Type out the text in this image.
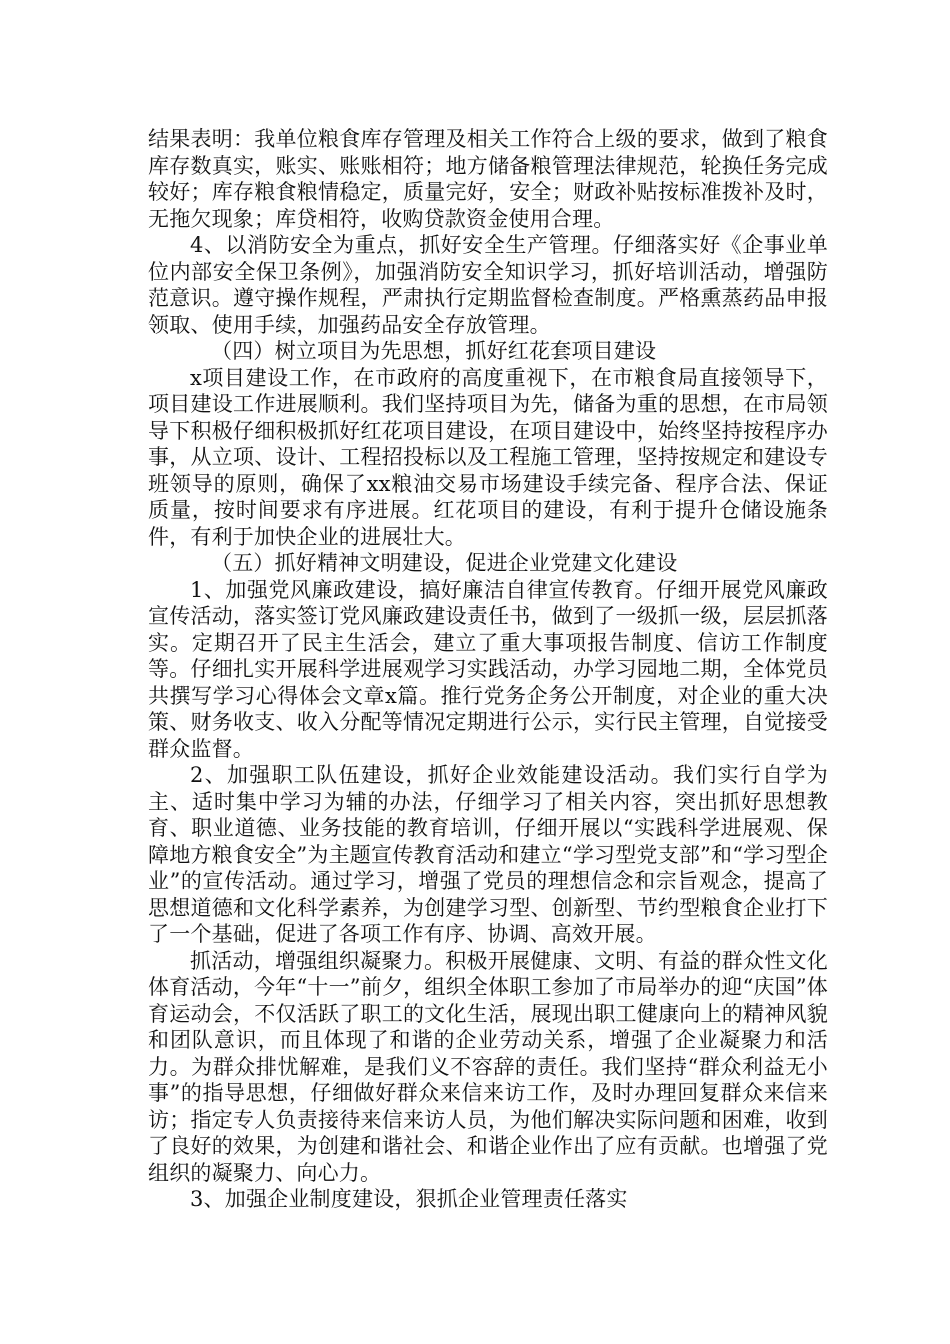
结果表明：我单位粮食库存管理及相关工作符合上级的要求，做到了粮食库存数真实，账实、账账相符；地方储备粮管理法律规范，轮换任务完成较好；库存粮食粮情稳定，质量完好，安全；财政补贴按标准拨补及时，无拖欠现象；库贷相符，收购贷款资金使用合理。

4、以消防安全为重点，抓好安全生产管理。仔细落实好《企事业单位内部安全保卫条例》，加强消防安全知识学习，抓好培训活动，增强防范意识。遵守操作规程，严肃执行定期监督检查制度。严格熏蒸药品申报领取、使用手续，加强药品安全存放管理。

（四）树立项目为先思想，抓好红花套项目建设

x项目建设工作，在市政府的高度重视下，在市粮食局直接领导下，项目建设工作进展顺利。我们坚持项目为先，储备为重的思想，在市局领导下积极仔细积极抓好红花项目建设，在项目建设中，始终坚持按程序办事，从立项、设计、工程招投标以及工程施工管理，坚持按规定和建设专班领导的原则，确保了xx粮油交易市场建设手续完备、程序合法、保证质量，按时间要求有序进展。红花项目的建设，有利于提升仓储设施条件，有利于加快企业的进展壮大。

（五）抓好精神文明建设，促进企业党建文化建设

1、加强党风廉政建设，搞好廉洁自律宣传教育。仔细开展党风廉政宣传活动，落实签订党风廉政建设责任书，做到了一级抓一级，层层抓落实。定期召开了民主生活会，建立了重大事项报告制度、信访工作制度等。仔细扎实开展科学进展观学习实践活动，办学习园地二期，全体党员共撰写学习心得体会文章x篇。推行党务企务公开制度，对企业的重大决策、财务收支、收入分配等情况定期进行公示，实行民主管理，自觉接受群众监督。

2、加强职工队伍建设，抓好企业效能建设活动。我们实行自学为主、适时集中学习为辅的办法，仔细学习了相关内容，突出抓好思想教育、职业道德、业务技能的教育培训，仔细开展以“实践科学进展观、保障地方粮食安全”为主题宣传教育活动和建立“学习型党支部”和“学习型企业”的宣传活动。通过学习，增强了党员的理想信念和宗旨观念，提高了思想道德和文化科学素养，为创建学习型、创新型、节约型粮食企业打下了一个基础，促进了各项工作有序、协调、高效开展。

抓活动，增强组织凝聚力。积极开展健康、文明、有益的群众性文化体育活动，今年“十一”前夕，组织全体职工参加了市局举办的迎“庆国”体育运动会，不仅活跃了职工的文化生活，展现出职工健康向上的精神风貌和团队意识，而且体现了和谐的企业劳动关系，增强了企业凝聚力和活力。为群众排忧解难，是我们义不容辞的责任。我们坚持“群众利益无小事”的指导思想，仔细做好群众来信来访工作，及时办理回复群众来信来访；指定专人负责接待来信来访人员，为他们解决实际问题和困难，收到了良好的效果，为创建和谐社会、和谐企业作出了应有贡献。也增强了党组织的凝聚力、向心力。

3、加强企业制度建设，狠抓企业管理责任落实
